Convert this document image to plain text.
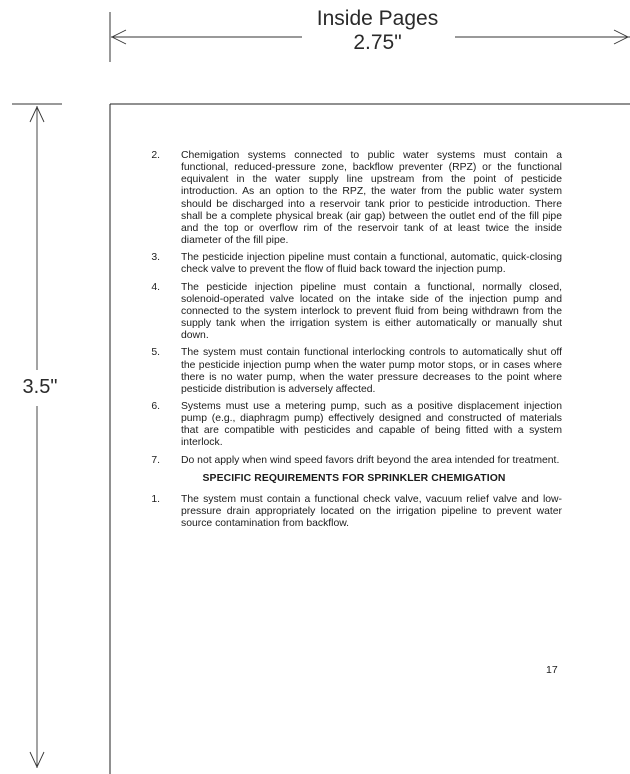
Inside Pages
2.75"
3.5"
2. Chemigation systems connected to public water systems must contain a functional, reduced-pressure zone, backflow preventer (RPZ) or the functional equivalent in the water supply line upstream from the point of pesticide introduction. As an option to the RPZ, the water from the public water system should be discharged into a reservoir tank prior to pesticide introduction. There shall be a complete physical break (air gap) between the outlet end of the fill pipe and the top or overflow rim of the reservoir tank of at least twice the inside diameter of the fill pipe.
3. The pesticide injection pipeline must contain a functional, automatic, quick-closing check valve to prevent the flow of fluid back toward the injection pump.
4. The pesticide injection pipeline must contain a functional, normally closed, solenoid-operated valve located on the intake side of the injection pump and connected to the system interlock to prevent fluid from being withdrawn from the supply tank when the irrigation system is either automatically or manually shut down.
5. The system must contain functional interlocking controls to automatically shut off the pesticide injection pump when the water pump motor stops, or in cases where there is no water pump, when the water pressure decreases to the point where pesticide distribution is adversely affected.
6. Systems must use a metering pump, such as a positive displacement injection pump (e.g., diaphragm pump) effectively designed and constructed of materials that are compatible with pesticides and capable of being fitted with a system interlock.
7. Do not apply when wind speed favors drift beyond the area intended for treatment.
SPECIFIC REQUIREMENTS FOR SPRINKLER CHEMIGATION
1. The system must contain a functional check valve, vacuum relief valve and low-pressure drain appropriately located on the irrigation pipeline to prevent water source contamination from backflow.
17
